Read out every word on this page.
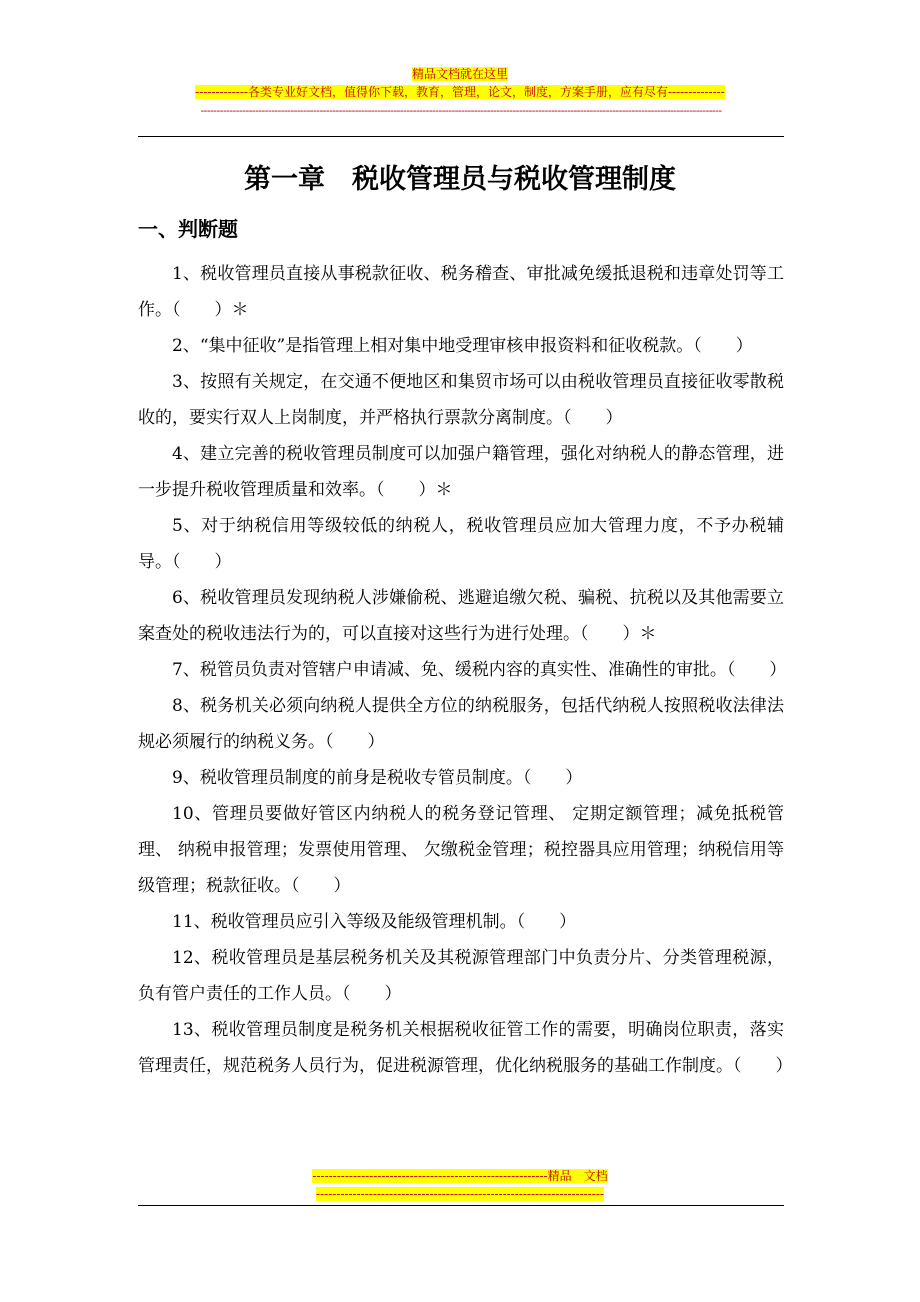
精品文档就在这里
-------------各类专业好文档，值得你下载，教育，管理，论文，制度，方案手册，应有尽有--------------
------------------------------------------------------------------------------------------------------------------------------------------------------------------
第一章　税收管理员与税收管理制度
一、判断题

1、税收管理员直接从事税款征收、税务稽查、审批减免缓抵退税和违章处罚等工作。（　　）＊

2、“集中征收”是指管理上相对集中地受理审核申报资料和征收税款。（　　）

3、按照有关规定，在交通不便地区和集贸市场可以由税收管理员直接征收零散税收的，要实行双人上岗制度，并严格执行票款分离制度。（　　）

4、建立完善的税收管理员制度可以加强户籍管理，强化对纳税人的静态管理，进一步提升税收管理质量和效率。（　　）＊

5、对于纳税信用等级较低的纳税人，税收管理员应加大管理力度，不予办税辅导。（　　）

6、税收管理员发现纳税人涉嫌偷税、逃避追缴欠税、骗税、抗税以及其他需要立案查处的税收违法行为的，可以直接对这些行为进行处理。（　　）＊

7、税管员负责对管辖户申请减、免、缓税内容的真实性、准确性的审批。（　　）

8、税务机关必须向纳税人提供全方位的纳税服务，包括代纳税人按照税收法律法规必须履行的纳税义务。（　　）

9、税收管理员制度的前身是税收专管员制度。（　　）

10、管理员要做好管区内纳税人的税务登记管理、 定期定额管理；减免抵税管理、 纳税申报管理；发票使用管理、 欠缴税金管理；税控器具应用管理；纳税信用等级管理；税款征收。（　　）

11、税收管理员应引入等级及能级管理机制。（　　）

12、税收管理员是基层税务机关及其税源管理部门中负责分片、分类管理税源，负有管户责任的工作人员。（　　）

13、税收管理员制度是税务机关根据税收征管工作的需要，明确岗位职责，落实管理责任，规范税务人员行为，促进税源管理，优化纳税服务的基础工作制度。（　　）

----------------------------------------------------------精品　文档
-----------------------------------------------------------------------
